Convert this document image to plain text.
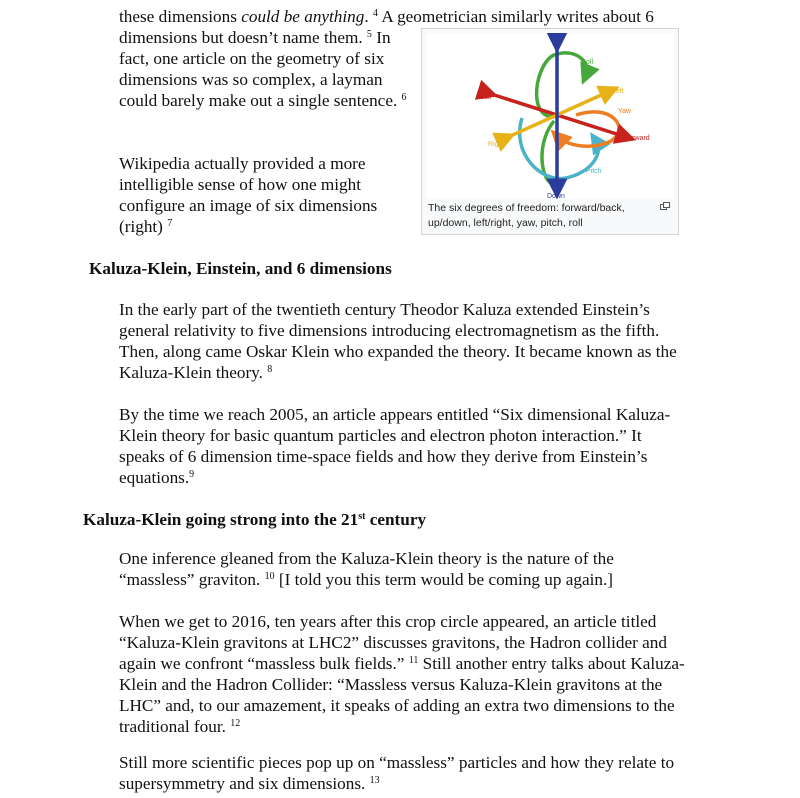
these dimensions could be anything. $^4$ A geometrician similarly writes about 6

dimensions but doesn’t name them. $^5$ In fact, one article on the geometry of six dimensions was so complex, a layman could barely make out a single sentence. $^6$

Wikipedia actually provided a more intelligible sense of how one might configure an image of six dimensions (right) $^7$

Up
Down
Roll
Left
Yaw
Forward
Back
Right
Pitch
The six degrees of freedom: forward/back, up/down, left/right, yaw, pitch, roll
Kaluza-Klein, Einstein, and 6 dimensions

In the early part of the twentieth century Theodor Kaluza extended Einstein’s general relativity to five dimensions introducing electromagnetism as the fifth. Then, along came Oskar Klein who expanded the theory. It became known as the Kaluza-Klein theory. $^8$

By the time we reach 2005, an article appears entitled “Six dimensional Kaluza-Klein theory for basic quantum particles and electron photon interaction.” It speaks of 6 dimension time-space fields and how they derive from Einstein’s equations.$^9$

Kaluza-Klein going strong into the 21st century

One inference gleaned from the Kaluza-Klein theory is the nature of the “massless” graviton. $^{10}$ [I told you this term would be coming up again.]

When we get to 2016, ten years after this crop circle appeared, an article titled “Kaluza-Klein gravitons at LHC2” discusses gravitons, the Hadron collider and again we confront “massless bulk fields.” $^{11}$ Still another entry talks about Kaluza-Klein and the Hadron Collider: “Massless versus Kaluza-Klein gravitons at the LHC” and, to our amazement, it speaks of adding an extra two dimensions to the traditional four. $^{12}$

Still more scientific pieces pop up on “massless” particles and how they relate to supersymmetry and six dimensions. $^{13}$
